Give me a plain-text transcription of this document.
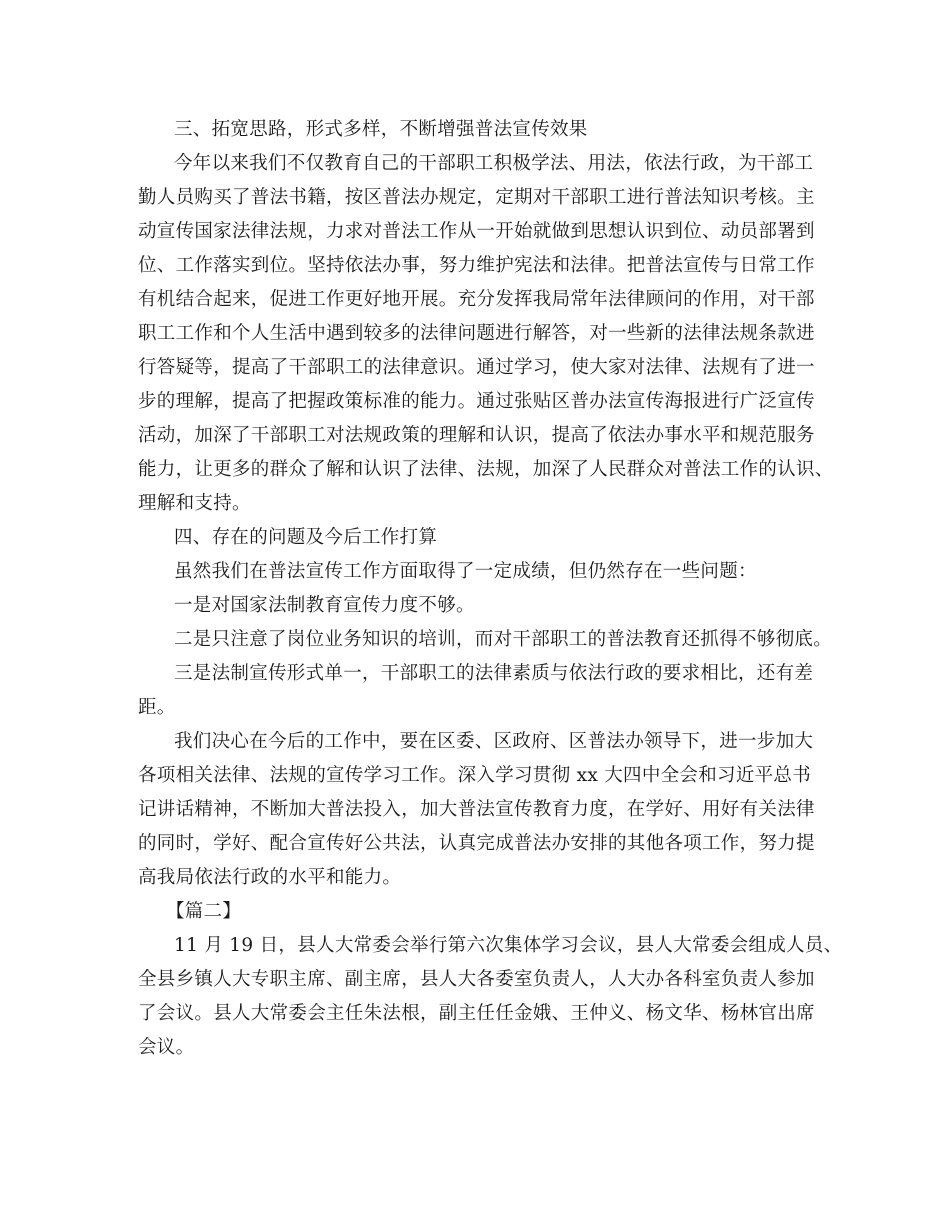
三、拓宽思路，形式多样，不断增强普法宣传效果
今年以来我们不仅教育自己的干部职工积极学法、用法，依法行政，为干部工
勤人员购买了普法书籍，按区普法办规定，定期对干部职工进行普法知识考核。主
动宣传国家法律法规，力求对普法工作从一开始就做到思想认识到位、动员部署到
位、工作落实到位。坚持依法办事，努力维护宪法和法律。把普法宣传与日常工作
有机结合起来，促进工作更好地开展。充分发挥我局常年法律顾问的作用，对干部
职工工作和个人生活中遇到较多的法律问题进行解答，对一些新的法律法规条款进
行答疑等，提高了干部职工的法律意识。通过学习，使大家对法律、法规有了进一
步的理解，提高了把握政策标准的能力。通过张贴区普办法宣传海报进行广泛宣传
活动，加深了干部职工对法规政策的理解和认识，提高了依法办事水平和规范服务
能力，让更多的群众了解和认识了法律、法规，加深了人民群众对普法工作的认识、
理解和支持。
四、存在的问题及今后工作打算
虽然我们在普法宣传工作方面取得了一定成绩，但仍然存在一些问题：
一是对国家法制教育宣传力度不够。
二是只注意了岗位业务知识的培训，而对干部职工的普法教育还抓得不够彻底。
三是法制宣传形式单一，干部职工的法律素质与依法行政的要求相比，还有差
距。
我们决心在今后的工作中，要在区委、区政府、区普法办领导下，进一步加大
各项相关法律、法规的宣传学习工作。深入学习贯彻 xx 大四中全会和习近平总书
记讲话精神，不断加大普法投入，加大普法宣传教育力度，在学好、用好有关法律
的同时，学好、配合宣传好公共法，认真完成普法办安排的其他各项工作，努力提
高我局依法行政的水平和能力。
【篇二】
11 月 19 日，县人大常委会举行第六次集体学习会议，县人大常委会组成人员、
全县乡镇人大专职主席、副主席，县人大各委室负责人，人大办各科室负责人参加
了会议。县人大常委会主任朱法根，副主任任金娥、王仲义、杨文华、杨林官出席
会议。
